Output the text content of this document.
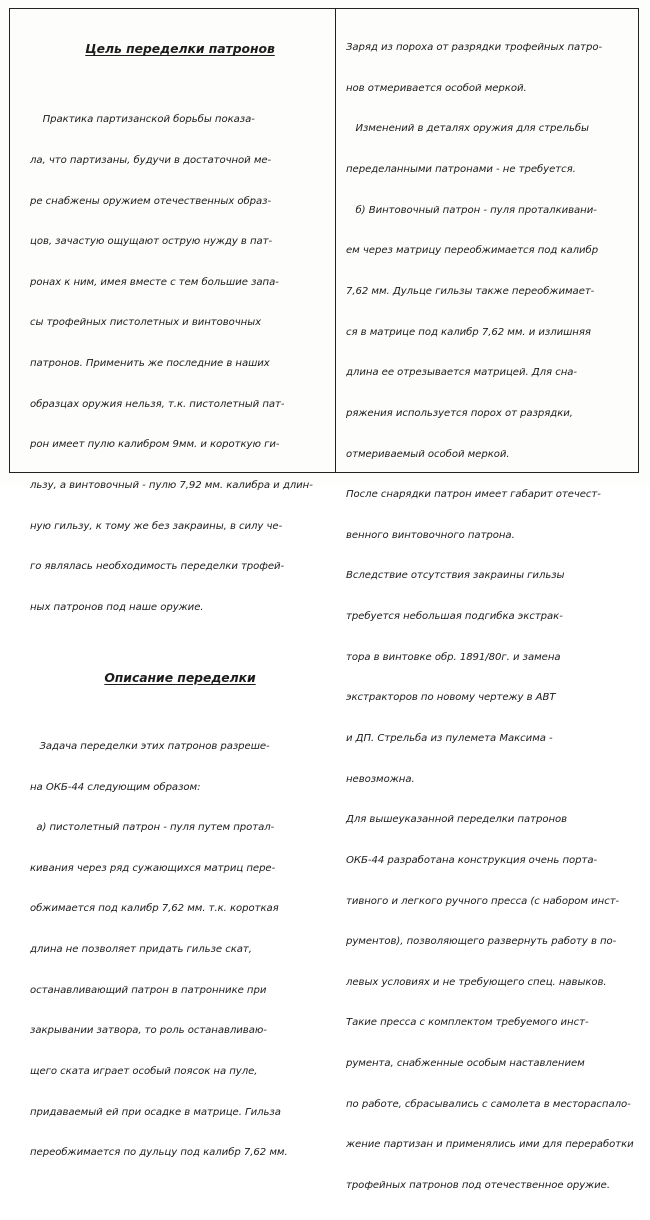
Цель переделки патронов

Практика партизанской борьбы показа-

ла, что партизаны, будучи в достаточной ме-

ре снабжены оружием отечественных образ-

цов, зачастую ощущают острую нужду в пат-

ронах к ним, имея вместе с тем большие запа-

сы трофейных пистолетных и винтовочных

патронов. Применить же последние в наших

образцах оружия нельзя, т.к. пистолетный пат-

рон имеет пулю калибром 9мм. и короткую ги-

льзу, а винтовочный - пулю 7,92 мм. калибра и длин-

ную гильзу, к тому же без закраины, в силу че-

го являлась необходимость переделки трофей-

ных патронов под наше оружие.

Описание переделки

Задача переделки этих патронов разреше-

на ОКБ-44 следующим образом:

а) пистолетный патрон - пуля путем протал-

кивания через ряд сужающихся матриц пере-

обжимается под калибр 7,62 мм. т.к. короткая

длина не позволяет придать гильзе скат,

останавливающий патрон в патроннике при

закрывании затвора, то роль останавливаю-

щего ската играет особый поясок на пуле,

придаваемый ей при осадке в матрице. Гильза

переобжимается по дульцу под калибр 7,62 мм.

Заряд из пороха от разрядки трофейных патро-

нов отмеривается особой меркой.

Изменений в деталях оружия для стрельбы

переделанными патронами - не требуется.

б) Винтовочный патрон - пуля проталкивани-

ем через матрицу переобжимается под калибр

7,62 мм. Дульце гильзы также переобжимает-

ся в матрице под калибр 7,62 мм. и излишняя

длина ее отрезывается матрицей. Для сна-

ряжения используется порох от разрядки,

отмериваемый особой меркой.

После снарядки патрон имеет габарит отечест-

венного винтовочного патрона.

Вследствие отсутствия закраины гильзы

требуется небольшая подгибка экстрак-

тора в винтовке обр. 1891/80г. и замена

экстракторов по новому чертежу в АВТ

и ДП. Стрельба из пулемета Максима -

невозможна.

Для вышеуказанной переделки патронов

ОКБ-44 разработана конструкция очень порта-

тивного и легкого ручного пресса (с набором инст-

рументов), позволяющего развернуть работу в по-

левых условиях и не требующего спец. навыков.

Такие пресса с комплектом требуемого инст-

румента, снабженные особым наставлением

по работе, сбрасывались с самолета в местораспало-

жение партизан и применялись ими для переработки

трофейных патронов под отечественное оружие.
